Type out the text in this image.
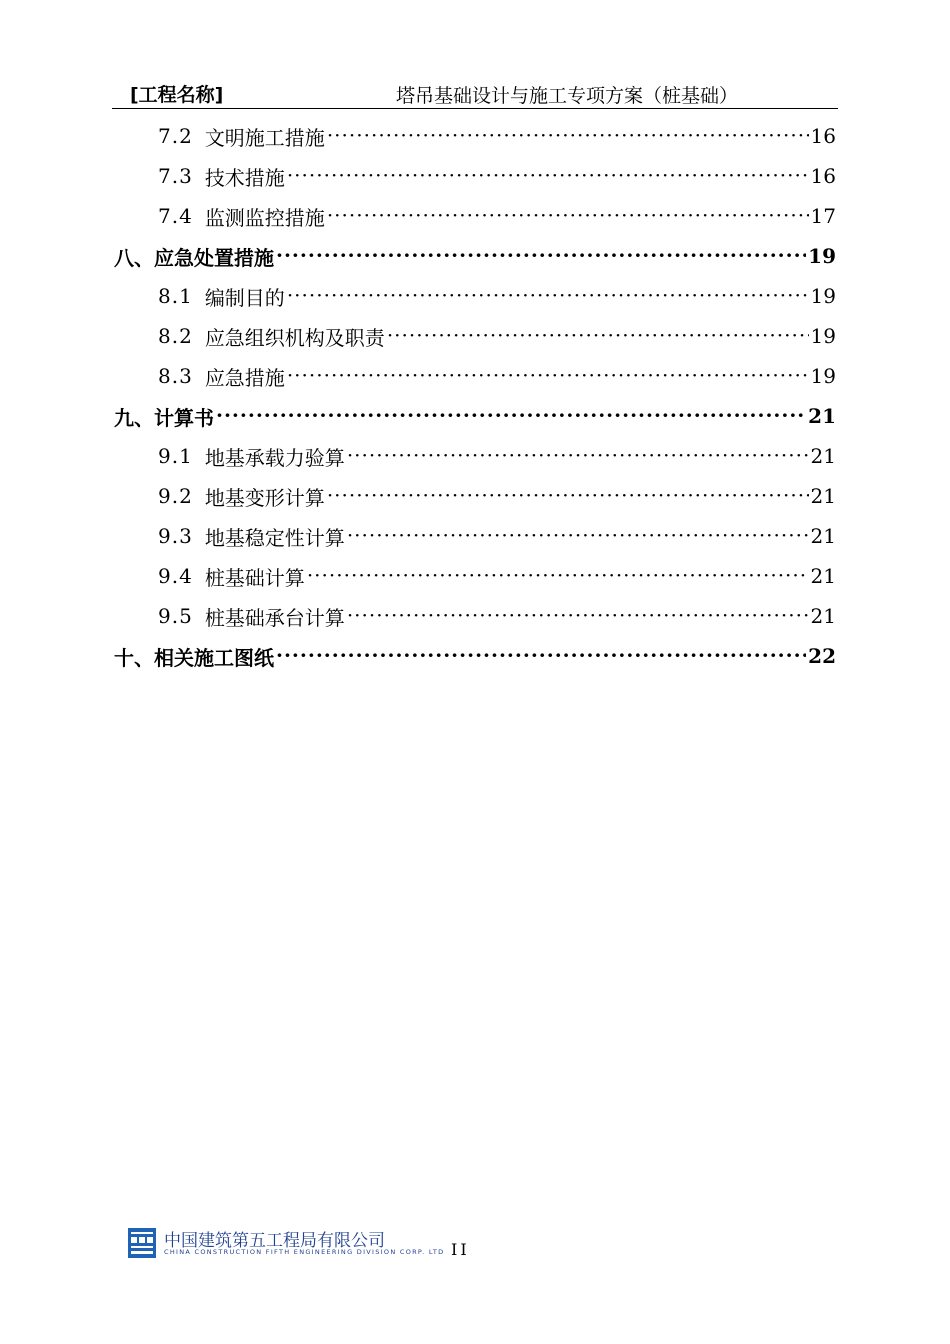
[工程名称]	塔吊基础设计与施工专项方案（桩基础）
7.2 文明施工措施 ·····	16
7.3 技术措施 ·····	16
7.4 监测监控措施 ·····	17
八、应急处置措施 ·····	19
8.1 编制目的 ·····	19
8.2 应急组织机构及职责 ·····	19
8.3 应急措施 ·····	19
九、计算书 ·····	21
9.1 地基承载力验算 ·····	21
9.2 地基变形计算 ·····	21
9.3 地基稳定性计算 ·····	21
9.4 桩基础计算 ·····	21
9.5 桩基础承台计算 ·····	21
十、相关施工图纸 ·····	22
中国建筑第五工程局有限公司
CHINA CONSTRUCTION FIFTH ENGINEERING DIVISION CORP. LTD II
